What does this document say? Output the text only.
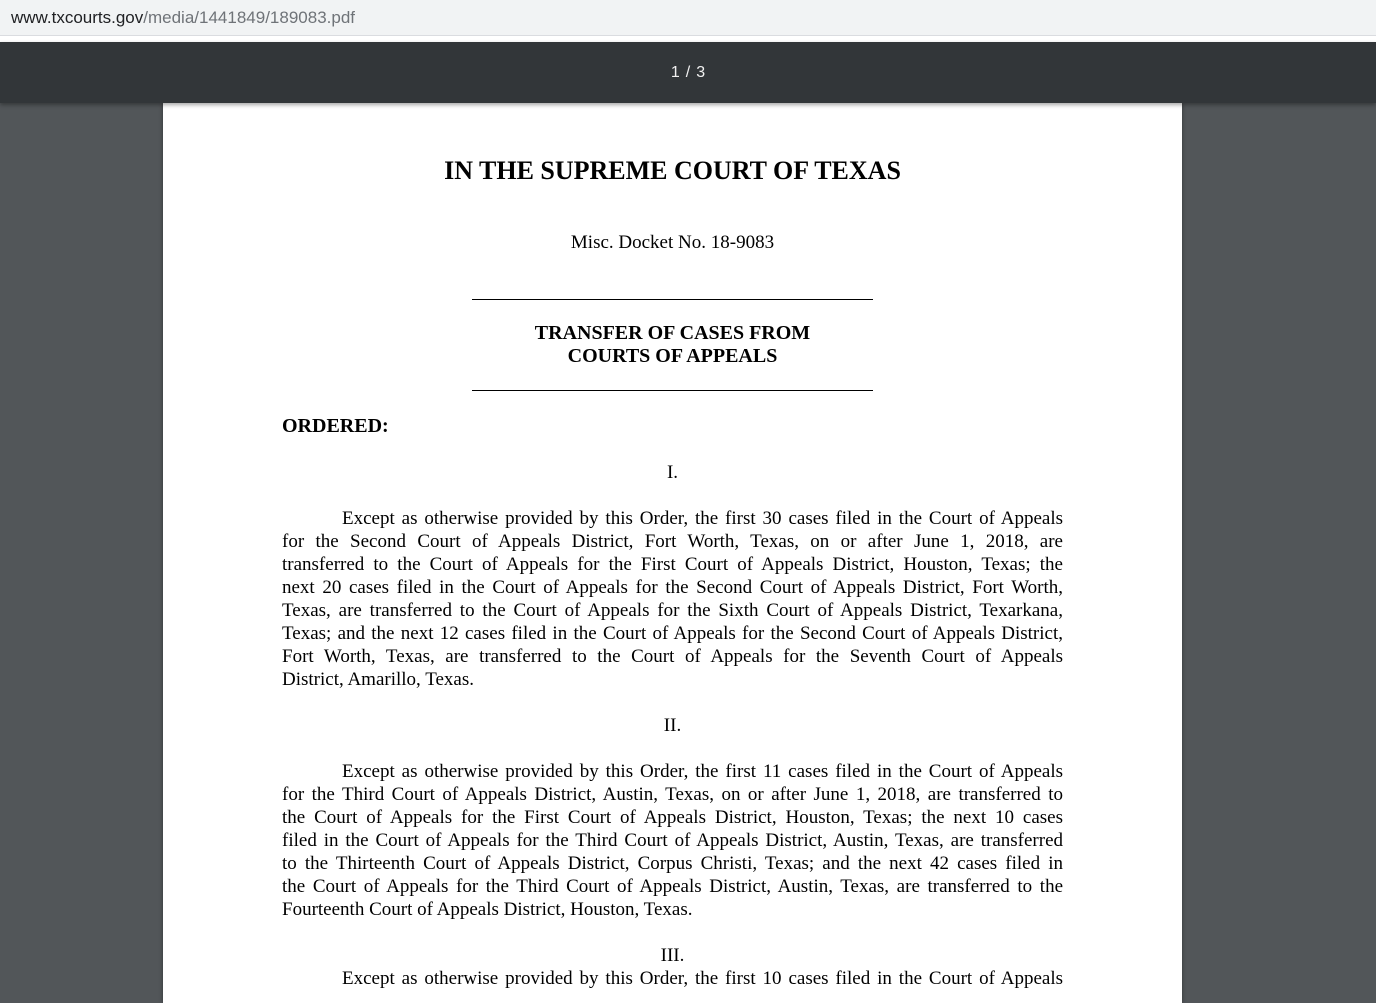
www.txcourts.gov/media/1441849/189083.pdf
1 / 3
IN THE SUPREME COURT OF TEXAS
Misc. Docket No. 18-9083
TRANSFER OF CASES FROM
COURTS OF APPEALS
ORDERED:
I.
Except as otherwise provided by this Order, the first 30 cases filed in the Court of Appeals
for the Second Court of Appeals District, Fort Worth, Texas, on or after June 1, 2018, are
transferred to the Court of Appeals for the First Court of Appeals District, Houston, Texas; the
next 20 cases filed in the Court of Appeals for the Second Court of Appeals District, Fort Worth,
Texas, are transferred to the Court of Appeals for the Sixth Court of Appeals District, Texarkana,
Texas; and the next 12 cases filed in the Court of Appeals for the Second Court of Appeals District,
Fort Worth, Texas, are transferred to the Court of Appeals for the Seventh Court of Appeals
District, Amarillo, Texas.
II.
Except as otherwise provided by this Order, the first 11 cases filed in the Court of Appeals
for the Third Court of Appeals District, Austin, Texas, on or after June 1, 2018, are transferred to
the Court of Appeals for the First Court of Appeals District, Houston, Texas; the next 10 cases
filed in the Court of Appeals for the Third Court of Appeals District, Austin, Texas, are transferred
to the Thirteenth Court of Appeals District, Corpus Christi, Texas; and the next 42 cases filed in
the Court of Appeals for the Third Court of Appeals District, Austin, Texas, are transferred to the
Fourteenth Court of Appeals District, Houston, Texas.
III.
Except as otherwise provided by this Order, the first 10 cases filed in the Court of Appeals
